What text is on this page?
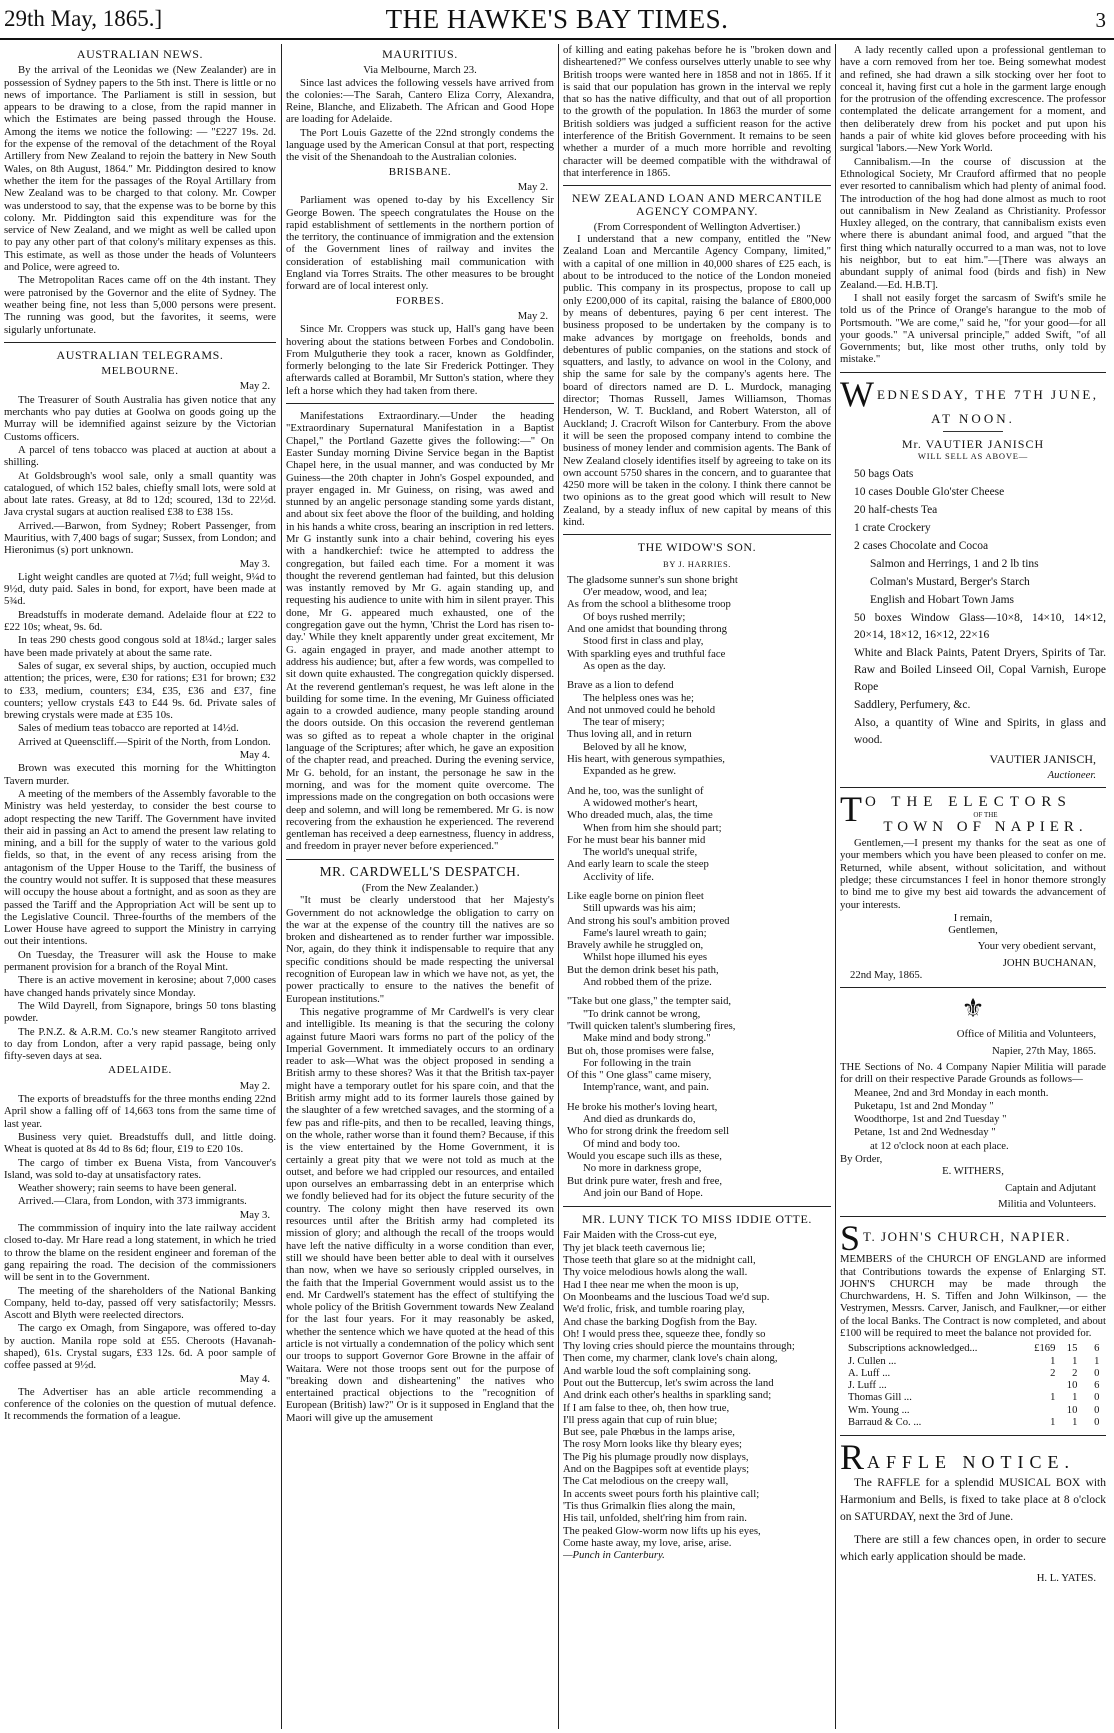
29th May, 1865.]	THE HAWKE'S BAY TIMES.	3
AUSTRALIAN NEWS.

By the arrival of the Leonidas we (New Zealander) are in possession of Sydney papers to the 5th inst. There is little or no news of importance. The Parliament is still in session, but appears to be drawing to a close, from the rapid manner in which the Estimates are being passed through the House. Among the items we notice the following: — "£227 19s. 2d. for the expense of the removal of the detachment of the Royal Artillery from New Zealand to rejoin the battery in New South Wales, on 8th August, 1864." Mr. Piddington desired to know whether the item for the passages of the Royal Artillary from New Zealand was to be charged to that colony. Mr. Cowper was understood to say, that the expense was to be borne by this colony. Mr. Piddington said this expenditure was for the service of New Zealand, and we might as well be called upon to pay any other part of that colony's military expenses as this. This estimate, as well as those under the heads of Volunteers and Police, were agreed to.

The Metropolitan Races came off on the 4th instant. They were patronised by the Governor and the elite of Sydney. The weather being fine, not less than 5,000 persons were present. The running was good, but the favorites, it seems, were sigularly unfortunate.

AUSTRALIAN TELEGRAMS.
MELBOURNE.
May 2.

The Treasurer of South Australia has given notice that any merchants who pay duties at Goolwa on goods going up the Murray will be idemnified against seizure by the Victorian Customs officers.

A parcel of tens tobacco was placed at auction at about a shilling.

At Goldsbrough's wool sale, only a small quantity was catalogued, of which 152 bales, chiefly small lots, were sold at about late rates. Greasy, at 8d to 12d; scoured, 13d to 22½d. Java crystal sugars at auction realised £38 to £38 15s.

Arrived.—Barwon, from Sydney; Robert Passenger, from Mauritius, with 7,400 bags of sugar; Sussex, from London; and Hieronimus (s) port unknown.

May 3.

Light weight candles are quoted at 7½d; full weight, 9¼d to 9½d, duty paid. Sales in bond, for export, have been made at 5¾d.

Breadstuffs in moderate demand. Adelaide flour at £22 to £22 10s; wheat, 9s. 6d.

In teas 290 chests good congous sold at 18¼d.; larger sales have been made privately at about the same rate.

Sales of sugar, ex several ships, by auction, occupied much attention; the prices, were, £30 for rations; £31 for brown; £32 to £33, medium, counters; £34, £35, £36 and £37, fine counters; yellow crystals £43 to £44 9s. 6d. Private sales of brewing crystals were made at £35 10s.

Sales of medium teas tobacco are reported at 14½d.

Arrived at Queenscliff.—Spirit of the North, from London.

May 4.

Brown was executed this morning for the Whittington Tavern murder.

A meeting of the members of the Assembly favorable to the Ministry was held yesterday, to consider the best course to adopt respecting the new Tariff. The Government have invited their aid in passing an Act to amend the present law relating to mining, and a bill for the supply of water to the various gold fields, so that, in the event of any recess arising from the antagonism of the Upper House to the Tariff, the business of the country would not suffer. It is supposed that these measures will occupy the house about a fortnight, and as soon as they are passed the Tariff and the Appropriation Act will be sent up to the Legislative Council. Three-fourths of the members of the Lower House have agreed to support the Ministry in carrying out their intentions.

On Tuesday, the Treasurer will ask the House to make permanent provision for a branch of the Royal Mint.

There is an active movement in kerosine; about 7,000 cases have changed hands privately since Monday.

The Wild Dayrell, from Signapore, brings 50 tons blasting powder.

The P.N.Z. & A.R.M. Co.'s new steamer Rangitoto arrived to day from London, after a very rapid passage, being only fifty-seven days at sea.

ADELAIDE.
May 2.

The exports of breadstuffs for the three months ending 22nd April show a falling off of 14,663 tons from the same time of last year.

Business very quiet. Breadstuffs dull, and little doing. Wheat is quoted at 8s 4d to 8s 6d; flour, £19 to £20 10s.

The cargo of timber ex Buena Vista, from Vancouver's Island, was sold to-day at unsatisfactory rates.

Weather showery; rain seems to have been general.

Arrived.—Clara, from London, with 373 immigrants.

May 3.

The commmission of inquiry into the late railway accident closed to-day. Mr Hare read a long statement, in which he tried to throw the blame on the resident engineer and foreman of the gang repairing the road. The decision of the commissioners will be sent in to the Government.

The meeting of the shareholders of the National Banking Company, held to-day, passed off very satisfactorily; Messrs. Ascott and Blyth were reelected directors.

The cargo ex Omagh, from Singapore, was offered to-day by auction. Manila rope sold at £55. Cheroots (Havanah-shaped), 61s. Crystal sugars, £33 12s. 6d. A poor sample of coffee passed at 9½d.

May 4.

The Advertiser has an able article recommending a conference of the colonies on the question of mutual defence. It recommends the formation of a league.

MAURITIUS.
Via Melbourne, March 23.

Since last advices the following vessels have arrived from the colonies:—The Sarah, Cantero Eliza Corry, Alexandra, Reine, Blanche, and Elizabeth. The African and Good Hope are loading for Adelaide.

The Port Louis Gazette of the 22nd strongly condems the language used by the American Consul at that port, respecting the visit of the Shenandoah to the Australian colonies.

BRISBANE.
May 2.

Parliament was opened to-day by his Excellency Sir George Bowen. The speech congratulates the House on the rapid establishment of settlements in the northern portion of the territory, the continuance of immigration and the extension of the Government lines of railway and invites the consideration of establishing mail communication with England via Torres Straits. The other measures to be brought forward are of local interest only.

FORBES.
May 2.

Since Mr. Croppers was stuck up, Hall's gang have been hovering about the stations between Forbes and Condobolin. From Mulgutherie they took a racer, known as Goldfinder, formerly belonging to the late Sir Frederick Pottinger. They afterwards called at Borambil, Mr Sutton's station, where they left a horse which they had taken from there.

Manifestations Extraordinary.—Under the heading "Extraordinary Supernatural Manifestation in a Baptist Chapel," the Portland Gazette gives the following:—" On Easter Sunday morning Divine Service began in the Baptist Chapel here, in the usual manner, and was conducted by Mr Guiness—the 20th chapter in John's Gospel expounded, and prayer engaged in. Mr Guiness, on rising, was awed and stunned by an angelic personage standing some yards distant, and about six feet above the floor of the building, and holding in his hands a white cross, bearing an inscription in red letters. Mr G instantly sunk into a chair behind, covering his eyes with a handkerchief: twice he attempted to address the congregation, but failed each time. For a moment it was thought the reverend gentleman had fainted, but this delusion was instantly removed by Mr G. again standing up, and requesting his audience to unite with him in silent prayer. This done, Mr G. appeared much exhausted, one of the congregation gave out the hymn, 'Christ the Lord has risen to-day.' While they knelt apparently under great excitement, Mr G. again engaged in prayer, and made another attempt to address his audience; but, after a few words, was compelled to sit down quite exhausted. The congregation quickly dispersed. At the reverend gentleman's request, he was left alone in the building for some time. In the evening, Mr Guiness officiated again to a crowded audience, many people standing around the doors outside. On this occasion the reverend gentleman was so gifted as to repeat a whole chapter in the original language of the Scriptures; after which, he gave an exposition of the chapter read, and preached. During the evening service, Mr G. behold, for an instant, the personage he saw in the morning, and was for the moment quite overcome. The impressions made on the congregation on both occasions were deep and solemn, and will long be remembered. Mr G. is now recovering from the exhaustion he experienced. The reverend gentleman has received a deep earnestness, fluency in address, and freedom in prayer never before experienced."

MR. CARDWELL'S DESPATCH.
(From the New Zealander.)

"It must be clearly understood that her Majesty's Government do not acknowledge the obligation to carry on the war at the expense of the country till the natives are so broken and disheartened as to render further war impossible. Nor, again, do they think it indispensable to require that any specific conditions should be made respecting the universal recognition of European law in which we have not, as yet, the power practically to ensure to the natives the benefit of European institutions."

This negative programme of Mr Cardwell's is very clear and intelligible. Its meaning is that the securing the colony against future Maori wars forms no part of the policy of the Imperial Government. It immediately occurs to an ordinary reader to ask—What was the object proposed in sending a British army to these shores? Was it that the British tax-payer might have a temporary outlet for his spare coin, and that the British army might add to its former laurels those gained by the slaughter of a few wretched savages, and the storming of a few pas and rifle-pits, and then to be recalled, leaving things, on the whole, rather worse than it found them? Because, if this is the view entertained by the Home Government, it is certainly a great pity that we were not told as much at the outset, and before we had crippled our resources, and entailed upon ourselves an embarrassing debt in an enterprise which we fondly believed had for its object the future security of the country. The colony might then have reserved its own resources until after the British army had completed its mission of glory; and although the recall of the troops would have left the native difficulty in a worse condition than ever, still we should have been better able to deal with it ourselves than now, when we have so seriously crippled ourselves, in the faith that the Imperial Government would assist us to the end. Mr Cardwell's statement has the effect of stultifying the whole policy of the British Government towards New Zealand for the last four years. For it may reasonably be asked, whether the sentence which we have quoted at the head of this article is not virtually a condemnation of the policy which sent our troops to support Governor Gore Browne in the affair of Waitara. Were not those troops sent out for the purpose of "breaking down and disheartening" the natives who entertained practical objections to the "recognition of European (British) law?" Or is it supposed in England that the Maori will give up the amusement

of killing and eating pakehas before he is "broken down and disheartened?" We confess ourselves utterly unable to see why British troops were wanted here in 1858 and not in 1865. If it is said that our population has grown in the interval we reply that so has the native difficulty, and that out of all proportion to the growth of the population. In 1863 the murder of some British soldiers was judged a sufficient reason for the active interference of the British Government. It remains to be seen whether a murder of a much more horrible and revolting character will be deemed compatible with the withdrawal of that interference in 1865.

NEW ZEALAND LOAN AND MERCANTILE AGENCY COMPANY.
(From Correspondent of Wellington Advertiser.)

I understand that a new company, entitled the "New Zealand Loan and Mercantile Agency Company, limited," with a capital of one million in 40,000 shares of £25 each, is about to be introduced to the notice of the London moneied public. This company in its prospectus, propose to call up only £200,000 of its capital, raising the balance of £800,000 by means of debentures, paying 6 per cent interest. The business proposed to be undertaken by the company is to make advances by mortgage on freeholds, bonds and debentures of public companies, on the stations and stock of squatters, and lastly, to advance on wool in the Colony, and ship the same for sale by the company's agents here. The board of directors named are D. L. Murdock, managing director; Thomas Russell, James Williamson, Thomas Henderson, W. T. Buckland, and Robert Waterston, all of Auckland; J. Cracroft Wilson for Canterbury. From the above it will be seen the proposed company intend to combine the business of money lender and commision agents. The Bank of New Zealand closely identifies itself by agreeing to take on its own account 5750 shares in the concern, and to guarantee that 4250 more will be taken in the colony. I think there cannot be two opinions as to the great good which will result to New Zealand, by a steady influx of new capital by means of this kind.

THE WIDOW'S SON.
BY J. HARRIES.
The gladsome sunner's sun shone bright
O'er meadow, wood, and lea;
As from the school a blithesome troop
Of boys rushed merrily;
And one amidst that bounding throng
Stood first in class and play,
With sparkling eyes and truthful face
As open as the day.
Brave as a lion to defend
The helpless ones was he;
And not unmoved could he behold
The tear of misery;
Thus loving all, and in return
Beloved by all he know,
His heart, with generous sympathies,
Expanded as he grew.
And he, too, was the sunlight of
A widowed mother's heart,
Who dreaded much, alas, the time
When from him she should part;
For he must bear his banner mid
The world's unequal strife,
And early learn to scale the steep
Acclivity of life.
Like eagle borne on pinion fleet
Still upwards was his aim;
And strong his soul's ambition proved
Fame's laurel wreath to gain;
Bravely awhile he struggled on,
Whilst hope illumed his eyes
But the demon drink beset his path,
And robbed them of the prize.
"Take but one glass," the tempter said,
"To drink cannot be wrong,
'Twill quicken talent's slumbering fires,
Make mind and body strong."
But oh, those promises were false,
For following in the train
Of this " One glass" came misery,
Intemp'rance, want, and pain.
He broke his mother's loving heart,
And died as drunkards do,
Who for strong drink the freedom sell
Of mind and body too.
Would you escape such ills as these,
No more in darkness grope,
But drink pure water, fresh and free,
And join our Band of Hope.
MR. LUNY TICK TO MISS IDDIE OTTE.
Fair Maiden with the Cross-cut eye,
Thy jet black teeth cavernous lie;
Those teeth that glare so at the midnight call,
Thy voice melodious howls along the wall.
Had I thee near me when the moon is up,
On Moonbeams and the luscious Toad we'd sup.
We'd frolic, frisk, and tumble roaring play,
And chase the barking Dogfish from the Bay.
Oh! I would press thee, squeeze thee, fondly so
Thy loving cries should pierce the mountains through;
Then come, my charmer, clank love's chain along,
And warble loud the soft complaining song.
Pout out the Buttercup, let's swim across the land
And drink each other's healths in sparkling sand;
If I am false to thee, oh, then how true,
I'll press again that cup of ruin blue;
But see, pale Phœbus in the lamps arise,
The rosy Morn looks like thy bleary eyes;
The Pig his plumage proudly now displays,
And on the Bagpipes soft at eventide plays;
The Cat melodious on the creepy wall,
In accents sweet pours forth his plaintive call;
'Tis thus Grimalkin flies along the main,
His tail, unfolded, shelt'ring him from rain.
The peaked Glow-worm now lifts up his eyes,
Come haste away, my love, arise, arise.
—Punch in Canterbury.

A lady recently called upon a professional gentleman to have a corn removed from her toe. Being somewhat modest and refined, she had drawn a silk stocking over her foot to conceal it, having first cut a hole in the garment large enough for the protrusion of the offending excrescence. The professor contemplated the delicate arrangement for a moment, and then deliberately drew from his pocket and put upon his hands a pair of white kid gloves before proceeding with his surgical 'labors.—New York World.

Cannibalism.—In the course of discussion at the Ethnological Society, Mr Crauford affirmed that no people ever resorted to cannibalism which had plenty of animal food. The introduction of the hog had done almost as much to root out cannibalism in New Zealand as Christianity. Professor Huxley alleged, on the contrary, that cannibalism exists even where there is abundant animal food, and argued "that the first thing which naturally occurred to a man was, not to love his neighbor, but to eat him."—[There was always an abundant supply of animal food (birds and fish) in New Zealand.—Ed. H.B.T].

I shall not easily forget the sarcasm of Swift's smile he told us of the Prince of Orange's harangue to the mob of Portsmouth. "We are come," said he, "for your good—for all your goods." "A universal principle," added Swift, "of all Governments; but, like most other truths, only told by mistake."

W EDNESDAY, THE 7TH JUNE,
AT NOON.
Mr. VAUTIER JANISCH
WILL SELL AS ABOVE—
50 bags Oats
10 cases Double Glo'ster Cheese
20 half-chests Tea
1 crate Crockery
2 cases Chocolate and Cocoa
Salmon and Herrings, 1 and 2 lb tins
Colman's Mustard, Berger's Starch
English and Hobart Town Jams
50 boxes Window Glass—10×8, 14×10, 14×12, 20×14, 18×12, 16×12, 22×16
White and Black Paints, Patent Dryers, Spirits of Tar. Raw and Boiled Linseed Oil, Copal Varnish, Europe Rope
Saddlery, Perfumery, &c.
Also, a quantity of Wine and Spirits, in glass and wood.
VAUTIER JANISCH,
Auctioneer.
T O THE ELECTORS
OF THE
TOWN OF NAPIER.

Gentlemen,—I present my thanks for the seat as one of your members which you have been pleased to confer on me. Returned, while absent, without solicitation, and without pledge; these circumstances I feel in honor themore strongly to bind me to give my best aid towards the advancement of your interests.

I remain,
Gentlemen,
Your very obedient servant,
JOHN BUCHANAN,
22nd May, 1865.
⚜
Office of Militia and Volunteers,
Napier, 27th May, 1865.

THE Sections of No. 4 Company Napier Militia will parade for drill on their respective Parade Grounds as follows—

Meanee, 2nd and 3rd Monday in each month.
Puketapu, 1st and 2nd Monday "
Woodthorpe, 1st and 2nd Tuesday "
Petane, 1st and 2nd Wednesday "
at 12 o'clock noon at each place.
By Order,
E. WITHERS,
Captain and Adjutant
Militia and Volunteers.
S T. JOHN'S CHURCH, NAPIER.

MEMBERS of the CHURCH OF ENGLAND are informed that Contributions towards the expense of Enlarging ST. JOHN'S CHURCH may be made through the Churchwardens, H. S. Tiffen and John Wilkinson, — the Vestrymen, Messrs. Carver, Janisch, and Faulkner,—or either of the local Banks. The Contract is now completed, and about £100 will be required to meet the balance not provided for.

Subscriptions acknowledged...	£169	15	6
J. Cullen ...	1	1	1
A. Luff ...	2	2	0
J. Luff ...		10	6
Thomas Gill ...	1	1	0
Wm. Young ...		10	0
Barraud & Co. ...	1	1	0
R AFFLE NOTICE.

The RAFFLE for a splendid MUSICAL BOX with Harmonium and Bells, is fixed to take place at 8 o'clock on SATURDAY, next the 3rd of June.

There are still a few chances open, in order to secure which early application should be made.

H. L. YATES.
